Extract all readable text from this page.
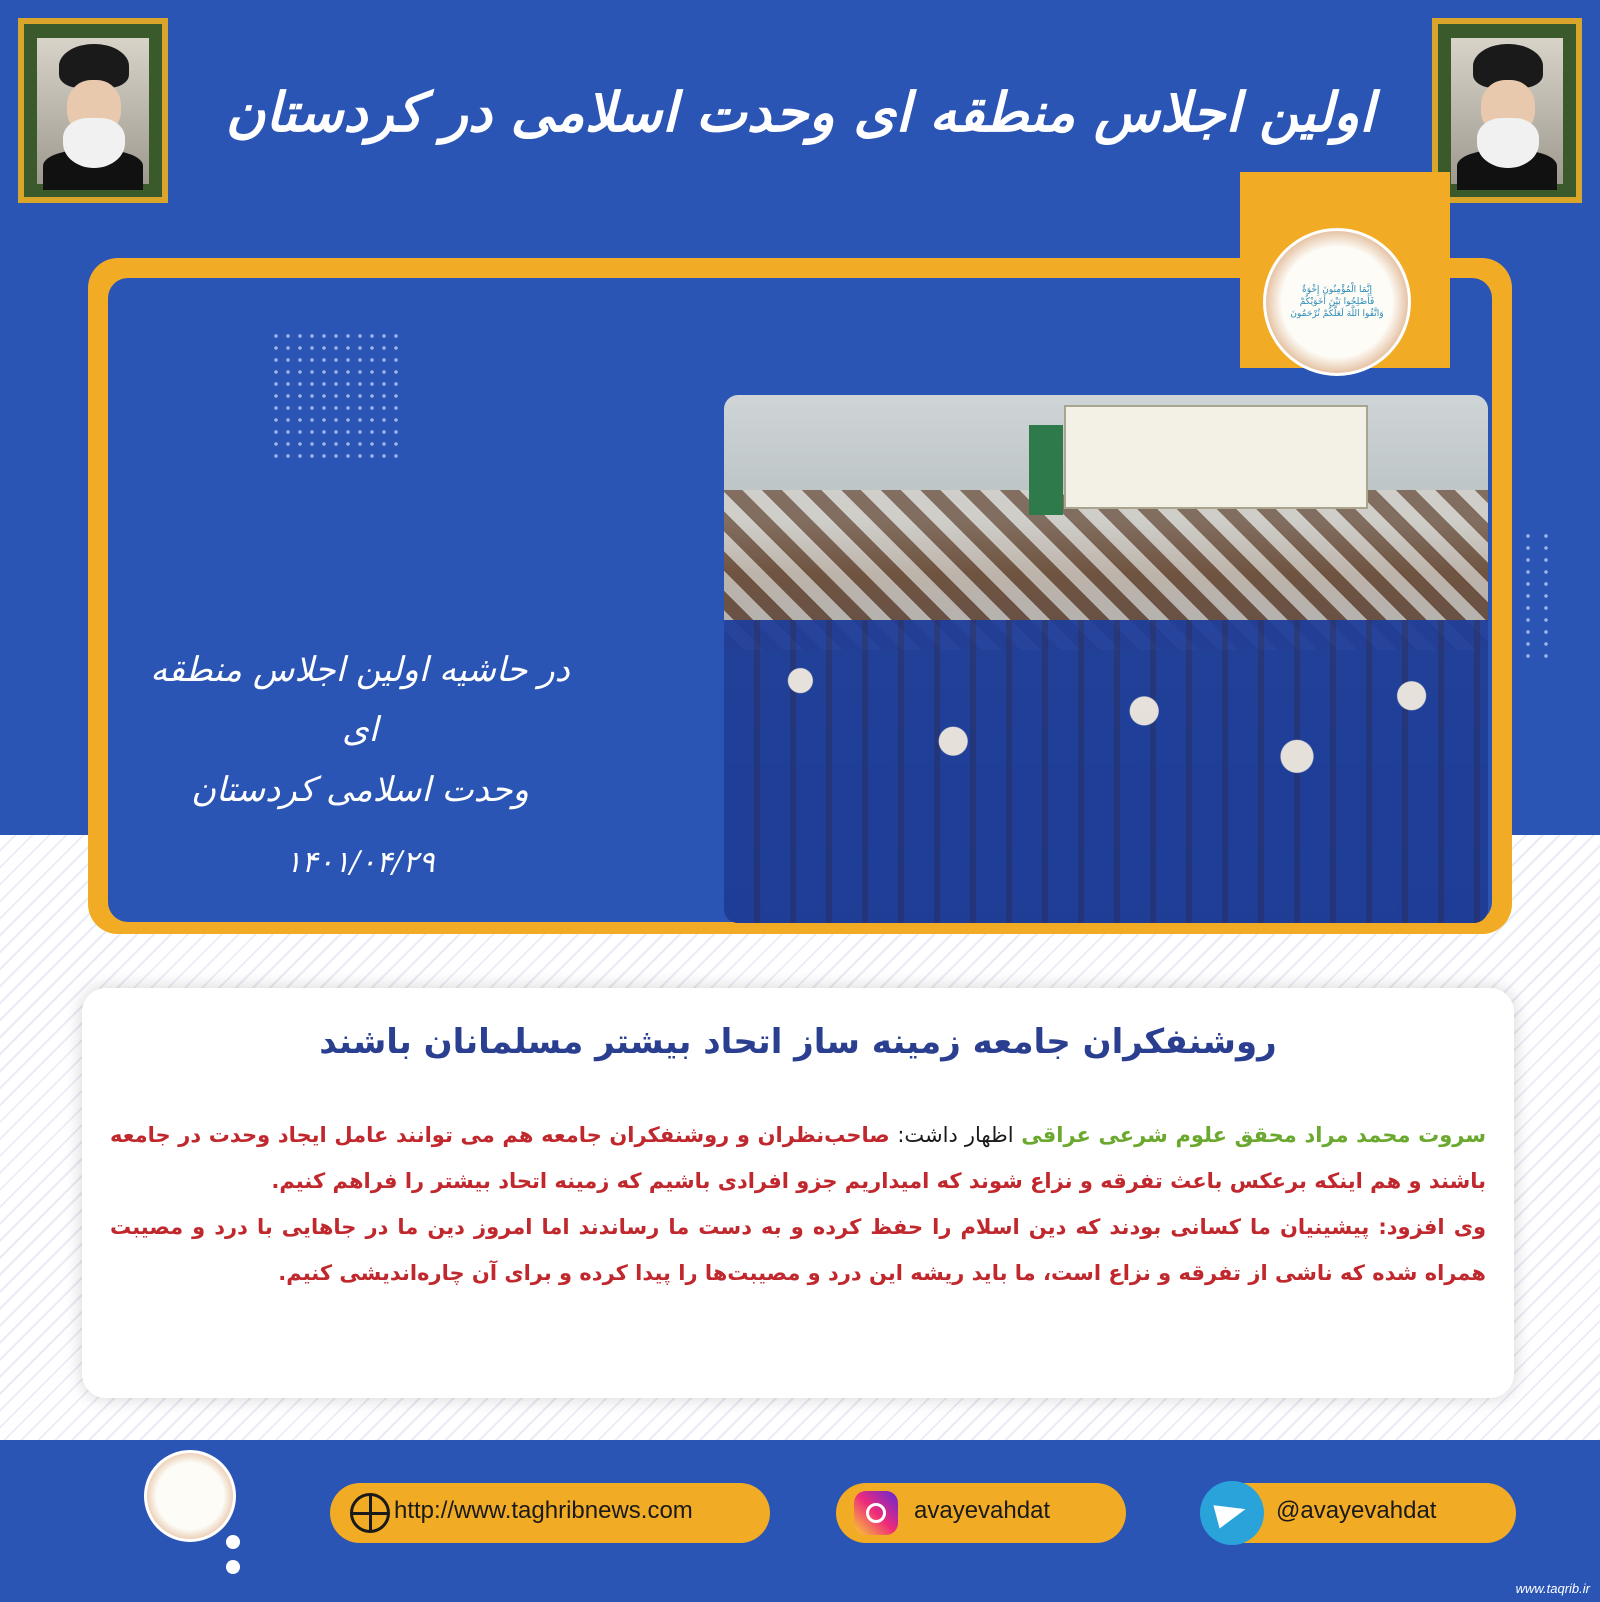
اولین اجلاس منطقه ای وحدت اسلامی در کردستان
إِنَّمَا الْمُؤْمِنُونَ إِخْوَةٌ فَأَصْلِحُوا بَيْنَ أَخَوَيْكُمْ وَاتَّقُوا اللَّهَ لَعَلَّكُمْ تُرْحَمُونَ
در حاشیه اولین اجلاس منطقه ای
وحدت اسلامی کردستان
۱۴۰۱/۰۴/۲۹
روشنفکران جامعه زمینه ساز اتحاد بیشتر مسلمانان باشند

سروت محمد مراد محقق علوم شرعی عراقی اظهار داشت: صاحب‌نظران و روشنفکران جامعه هم می توانند عامل ایجاد وحدت در جامعه باشند و هم اینکه برعکس باعث تفرقه و نزاع شوند که امیداریم جزو افرادی باشیم که زمینه اتحاد بیشتر را فراهم کنیم.

وی افزود: پیشینیان ما کسانی بودند که دین اسلام را حفظ کرده و به دست ما رساندند اما امروز دین ما در جاهایی با درد و مصیبت همراه شده که ناشی از تفرقه و نزاع است، ما باید ریشه این درد و مصیبت‌ها را پیدا کرده و برای آن چاره‌اندیشی کنیم.

http://www.taghribnews.com	avayevahdat	@avayevahdat
www.taqrib.ir
